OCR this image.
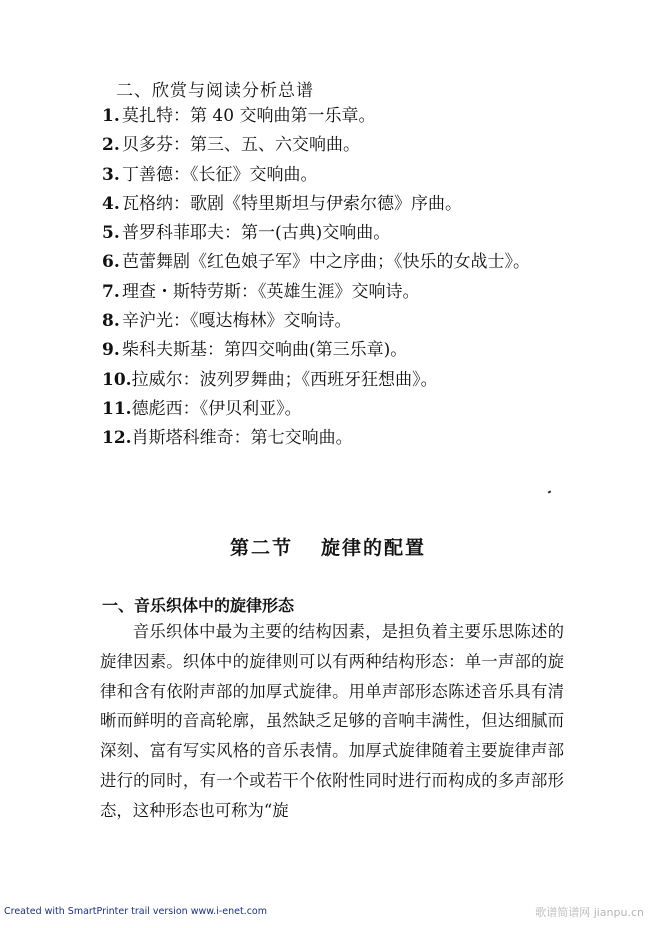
二、欣赏与阅读分析总谱
1. 莫扎特：第 40 交响曲第一乐章。
2. 贝多芬：第三、五、六交响曲。
3. 丁善德：《长征》交响曲。
4. 瓦格纳：歌剧《特里斯坦与伊索尔德》序曲。
5. 普罗科菲耶夫：第一(古典)交响曲。
6. 芭蕾舞剧《红色娘子军》中之序曲；《快乐的女战士》。
7. 理查・斯特劳斯：《英雄生涯》交响诗。
8. 辛沪光：《嘎达梅林》交响诗。
9. 柴科夫斯基：第四交响曲(第三乐章)。
10.拉威尔：波列罗舞曲；《西班牙狂想曲》。
11.德彪西：《伊贝利亚》。
12.肖斯塔科维奇：第七交响曲。
第二节 旋律的配置
一、音乐织体中的旋律形态

音乐织体中最为主要的结构因素，是担负着主要乐思陈述的旋律因素。织体中的旋律则可以有两种结构形态：单一声部的旋律和含有依附声部的加厚式旋律。用单声部形态陈述音乐具有清晰而鲜明的音高轮廓，虽然缺乏足够的音响丰满性，但达细腻而深刻、富有写实风格的音乐表情。加厚式旋律随着主要旋律声部进行的同时，有一个或若干个依附性同时进行而构成的多声部形态，这种形态也可称为“旋

Created with SmartPrinter trail version www.i-enet.com	歌谱简谱网 jianpu.cn
